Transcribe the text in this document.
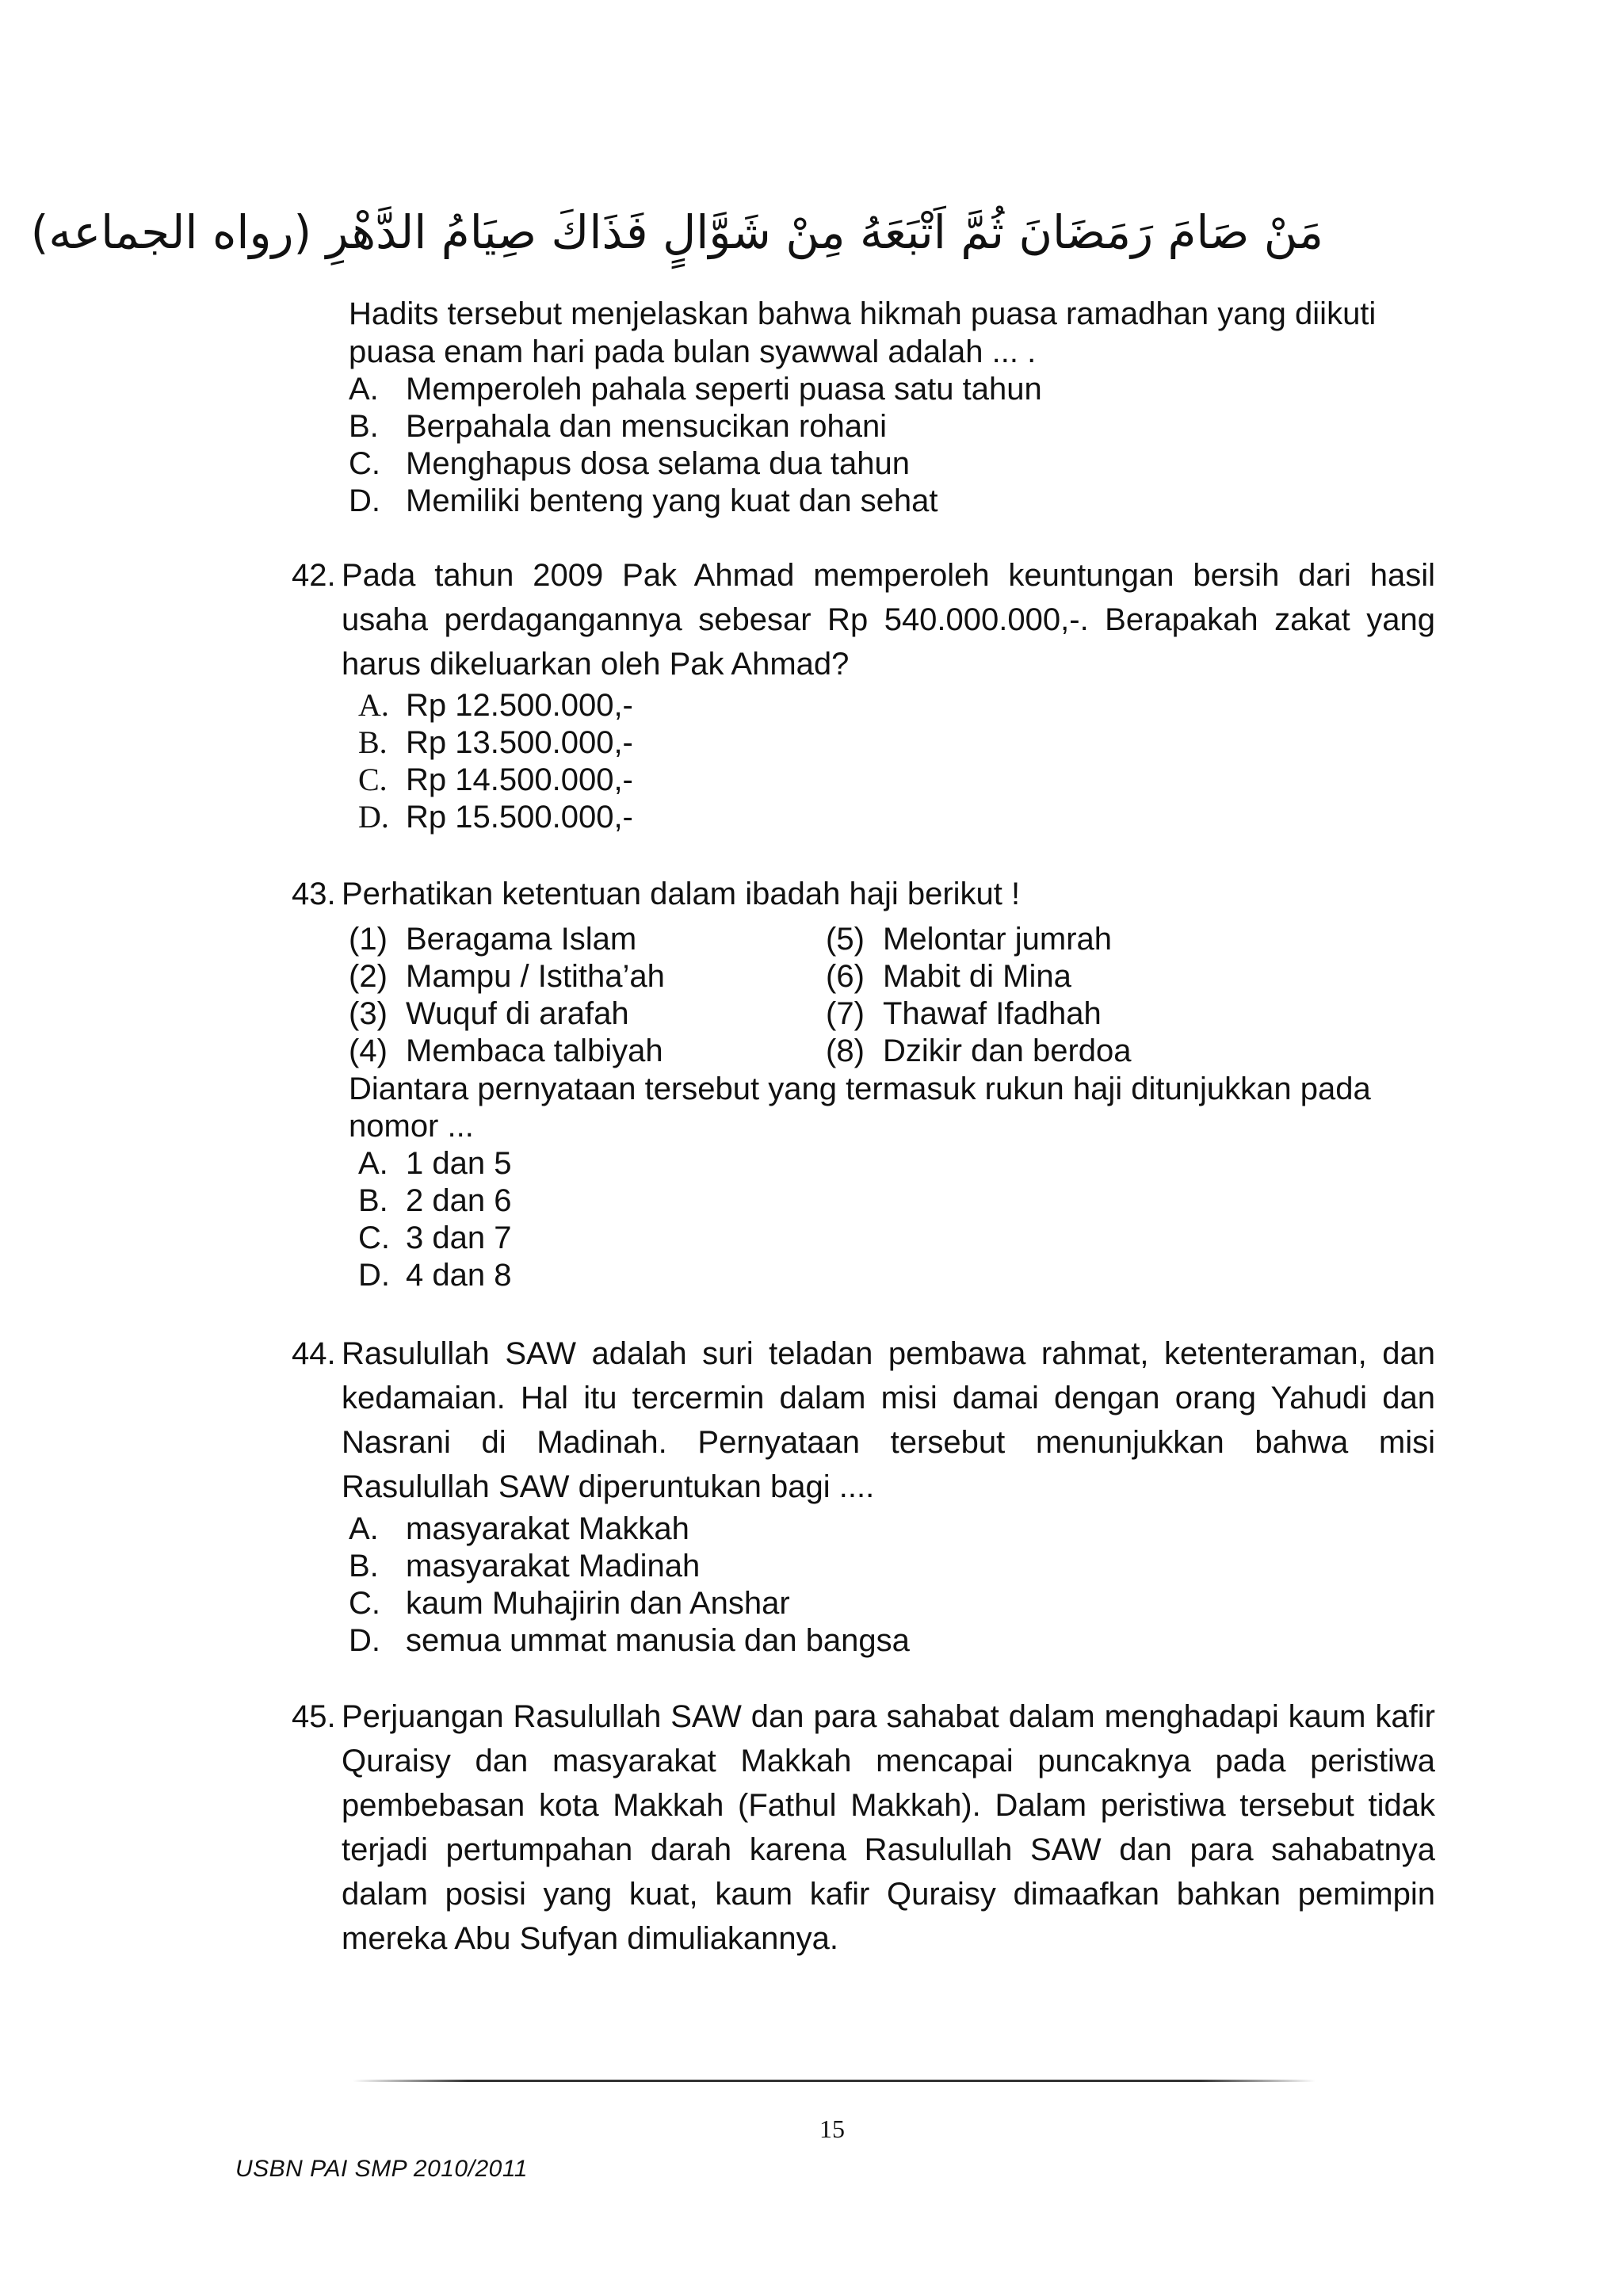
مَنْ صَامَ رَمَضَانَ ثُمَّ اَتْبَعَهُ مِنْ شَوَّالٍ فَذَاكَ صِيَامُ الدَّهْرِ (رواه الجماعه)
Hadits tersebut menjelaskan bahwa hikmah puasa ramadhan yang diikuti
puasa enam hari pada bulan syawwal adalah ... .
A. Memperoleh pahala seperti puasa satu tahun
B. Berpahala dan mensucikan rohani
C. Menghapus dosa selama dua tahun
D. Memiliki benteng yang kuat dan sehat
42. Pada tahun 2009 Pak Ahmad memperoleh keuntungan bersih dari hasil usaha perdagangannya sebesar Rp 540.000.000,-. Berapakah zakat yang harus dikeluarkan oleh Pak Ahmad?
A. Rp 12.500.000,-
B. Rp 13.500.000,-
C. Rp 14.500.000,-
D. Rp 15.500.000,-
43. Perhatikan ketentuan dalam ibadah haji berikut !
(1) Beragama Islam
(2) Mampu / Istitha’ah
(3) Wuquf di arafah
(4) Membaca talbiyah
(5) Melontar jumrah
(6) Mabit di Mina
(7) Thawaf Ifadhah
(8) Dzikir dan berdoa
Diantara pernyataan tersebut yang termasuk rukun haji ditunjukkan pada
nomor ...
A. 1 dan 5
B. 2 dan 6
C. 3 dan 7
D. 4 dan 8
44. Rasulullah SAW adalah suri teladan pembawa rahmat, ketenteraman, dan kedamaian. Hal itu tercermin dalam misi damai dengan orang Yahudi dan Nasrani di Madinah. Pernyataan tersebut menunjukkan bahwa misi Rasulullah SAW diperuntukan bagi ....
A. masyarakat Makkah
B. masyarakat Madinah
C. kaum Muhajirin dan Anshar
D. semua ummat manusia dan bangsa
45. Perjuangan Rasulullah SAW dan para sahabat dalam menghadapi kaum kafir Quraisy dan masyarakat Makkah mencapai puncaknya pada peristiwa pembebasan kota Makkah (Fathul Makkah). Dalam peristiwa tersebut tidak terjadi pertumpahan darah karena Rasulullah SAW dan para sahabatnya dalam posisi yang kuat, kaum kafir Quraisy dimaafkan bahkan pemimpin mereka Abu Sufyan dimuliakannya.
15
USBN PAI SMP 2010/2011
